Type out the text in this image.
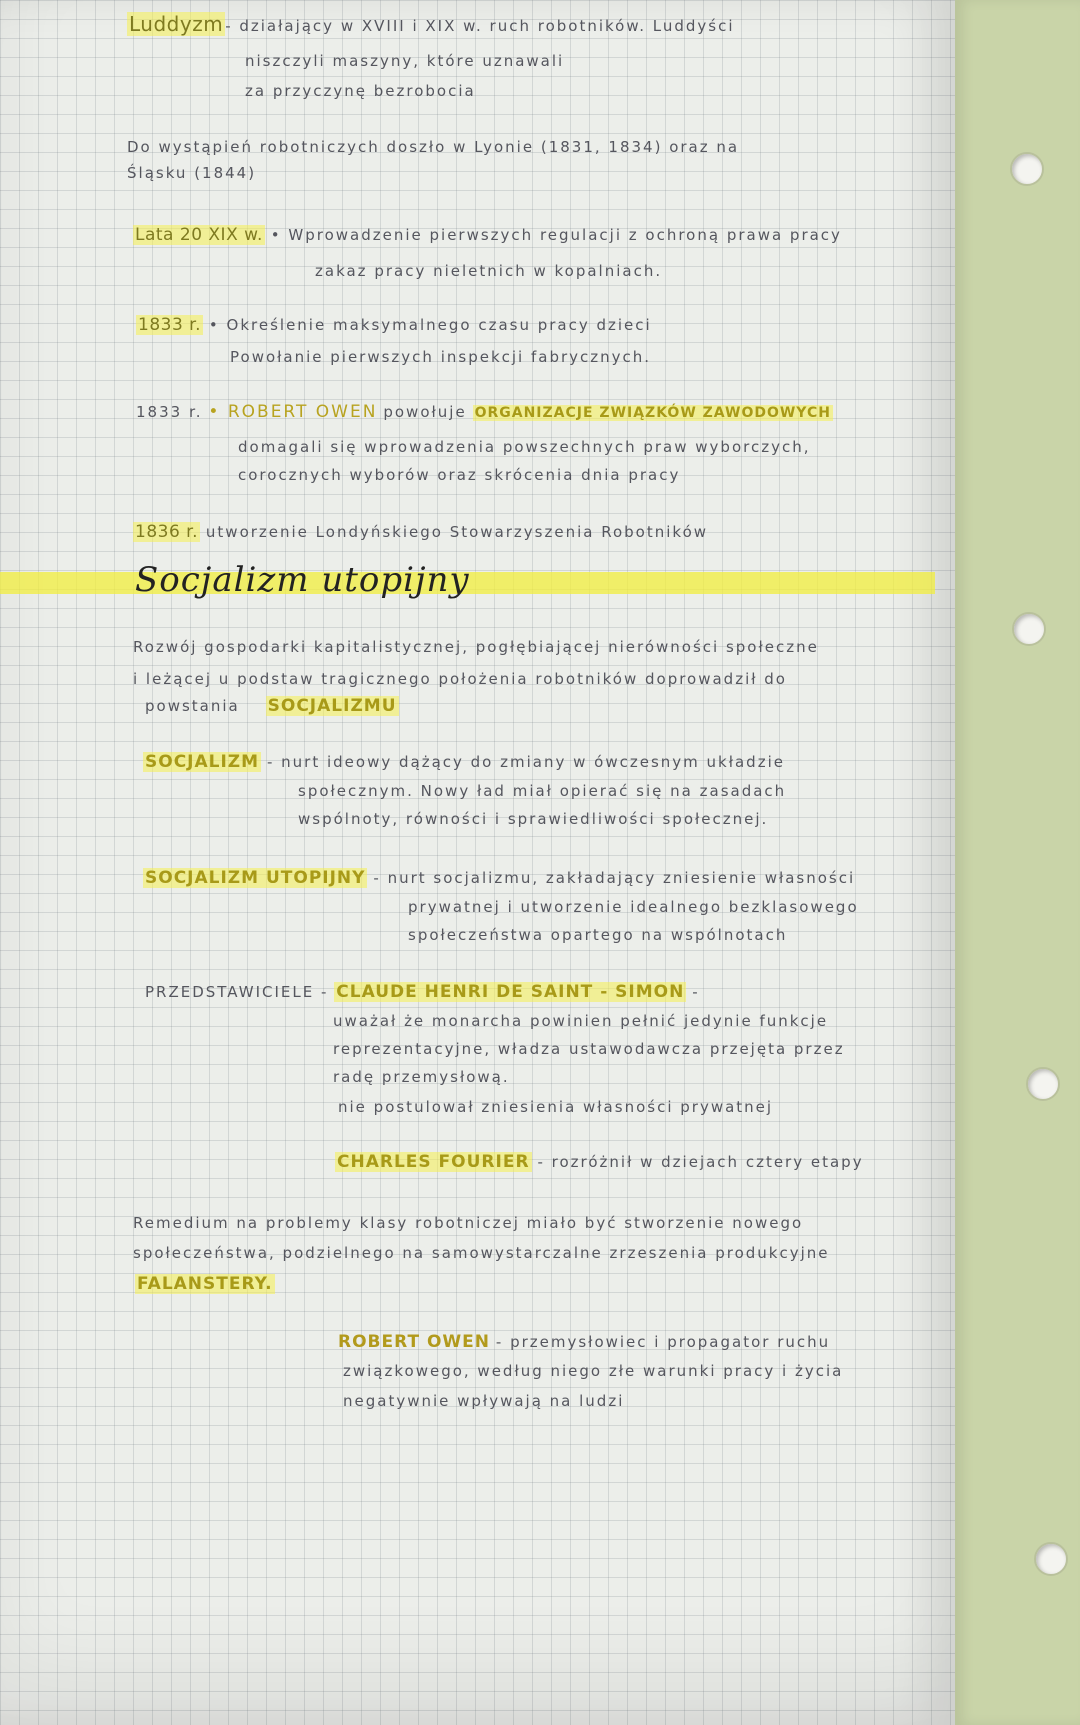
Luddyzm - działający w XVIII i XIX w. ruch robotników. Luddyści
niszczyli maszyny, które uznawali
za przyczynę bezrobocia
Do wystąpień robotniczych doszło w Lyonie (1831, 1834) oraz na
Śląsku (1844)
Lata 20 XIX w. • Wprowadzenie pierwszych regulacji z ochroną prawa pracy
zakaz pracy nieletnich w kopalniach.
1833 r. • Określenie maksymalnego czasu pracy dzieci
Powołanie pierwszych inspekcji fabrycznych.
1833 r. • ROBERT OWEN powołuje ORGANIZACJE ZWIĄZKÓW ZAWODOWYCH
domagali się wprowadzenia powszechnych praw wyborczych,
corocznych wyborów oraz skrócenia dnia pracy
1836 r. utworzenie Londyńskiego Stowarzyszenia Robotników
Socjalizm utopijny
Rozwój gospodarki kapitalistycznej, pogłębiającej nierówności społeczne
i leżącej u podstaw tragicznego położenia robotników doprowadził do
powstania SOCJALIZMU
SOCJALIZM - nurt ideowy dążący do zmiany w ówczesnym układzie
społecznym. Nowy ład miał opierać się na zasadach
wspólnoty, równości i sprawiedliwości społecznej.
SOCJALIZM UTOPIJNY - nurt socjalizmu, zakładający zniesienie własności
prywatnej i utworzenie idealnego bezklasowego
społeczeństwa opartego na wspólnotach
PRZEDSTAWICIELE - CLAUDE HENRI DE SAINT - SIMON -
uważał że monarcha powinien pełnić jedynie funkcje
reprezentacyjne, władza ustawodawcza przejęta przez
radę przemysłową.
nie postulował zniesienia własności prywatnej
CHARLES FOURIER - rozróżnił w dziejach cztery etapy
Remedium na problemy klasy robotniczej miało być stworzenie nowego
społeczeństwa, podzielnego na samowystarczalne zrzeszenia produkcyjne
FALANSTERY.
ROBERT OWEN - przemysłowiec i propagator ruchu
związkowego, według niego złe warunki pracy i życia
negatywnie wpływają na ludzi
